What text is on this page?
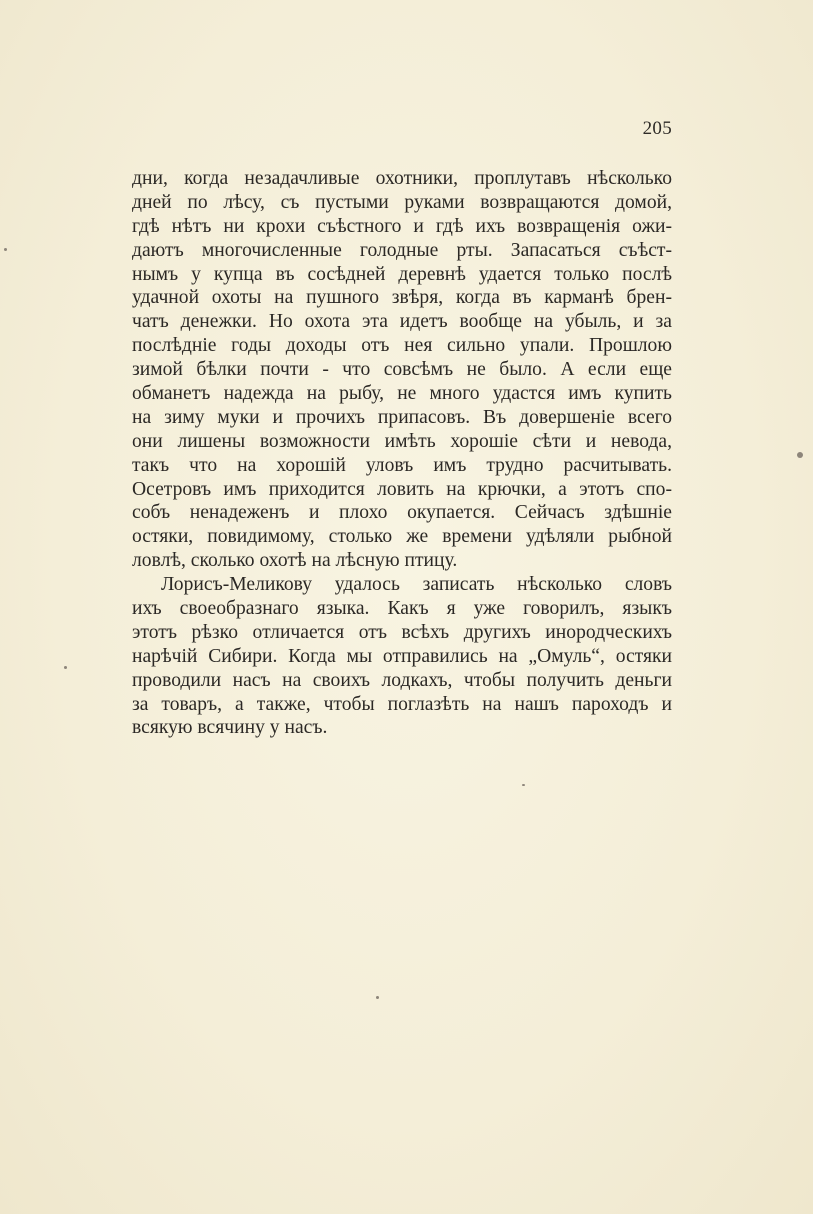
205
дни, когда незадачливые охотники, проплутавъ нѣсколько
дней по лѣсу, съ пустыми руками возвращаются домой,
гдѣ нѣтъ ни крохи съѣстного и гдѣ ихъ возвращенія ожи-
даютъ многочисленные голодные рты. Запасаться съѣст-
нымъ у купца въ сосѣдней деревнѣ удается только послѣ
удачной охоты на пушного звѣря, когда въ карманѣ брен-
чатъ денежки. Но охота эта идетъ вообще на убыль, и за
послѣдніе годы доходы отъ нея сильно упали. Прошлою
зимой бѣлки почти - что совсѣмъ не было. А если еще
обманетъ надежда на рыбу, не много удастся имъ купить
на зиму муки и прочихъ припасовъ. Въ довершеніе всего
они лишены возможности имѣть хорошіе сѣти и невода,
такъ что на хорошій уловъ имъ трудно расчитывать.
Осетровъ имъ приходится ловить на крючки, а этотъ спо-
собъ ненадеженъ и плохо окупается. Сейчасъ здѣшніе
остяки, повидимому, столько же времени удѣляли рыбной
ловлѣ, сколько охотѣ на лѣсную птицу.
Лорисъ-Меликову удалось записать нѣсколько словъ
ихъ своеобразнаго языка. Какъ я уже говорилъ, языкъ
этотъ рѣзко отличается отъ всѣхъ другихъ инородческихъ
нарѣчій Сибири. Когда мы отправились на „Омуль“, остяки
проводили насъ на своихъ лодкахъ, чтобы получить деньги
за товаръ, а также, чтобы поглазѣть на нашъ пароходъ и
всякую всячину у насъ.
